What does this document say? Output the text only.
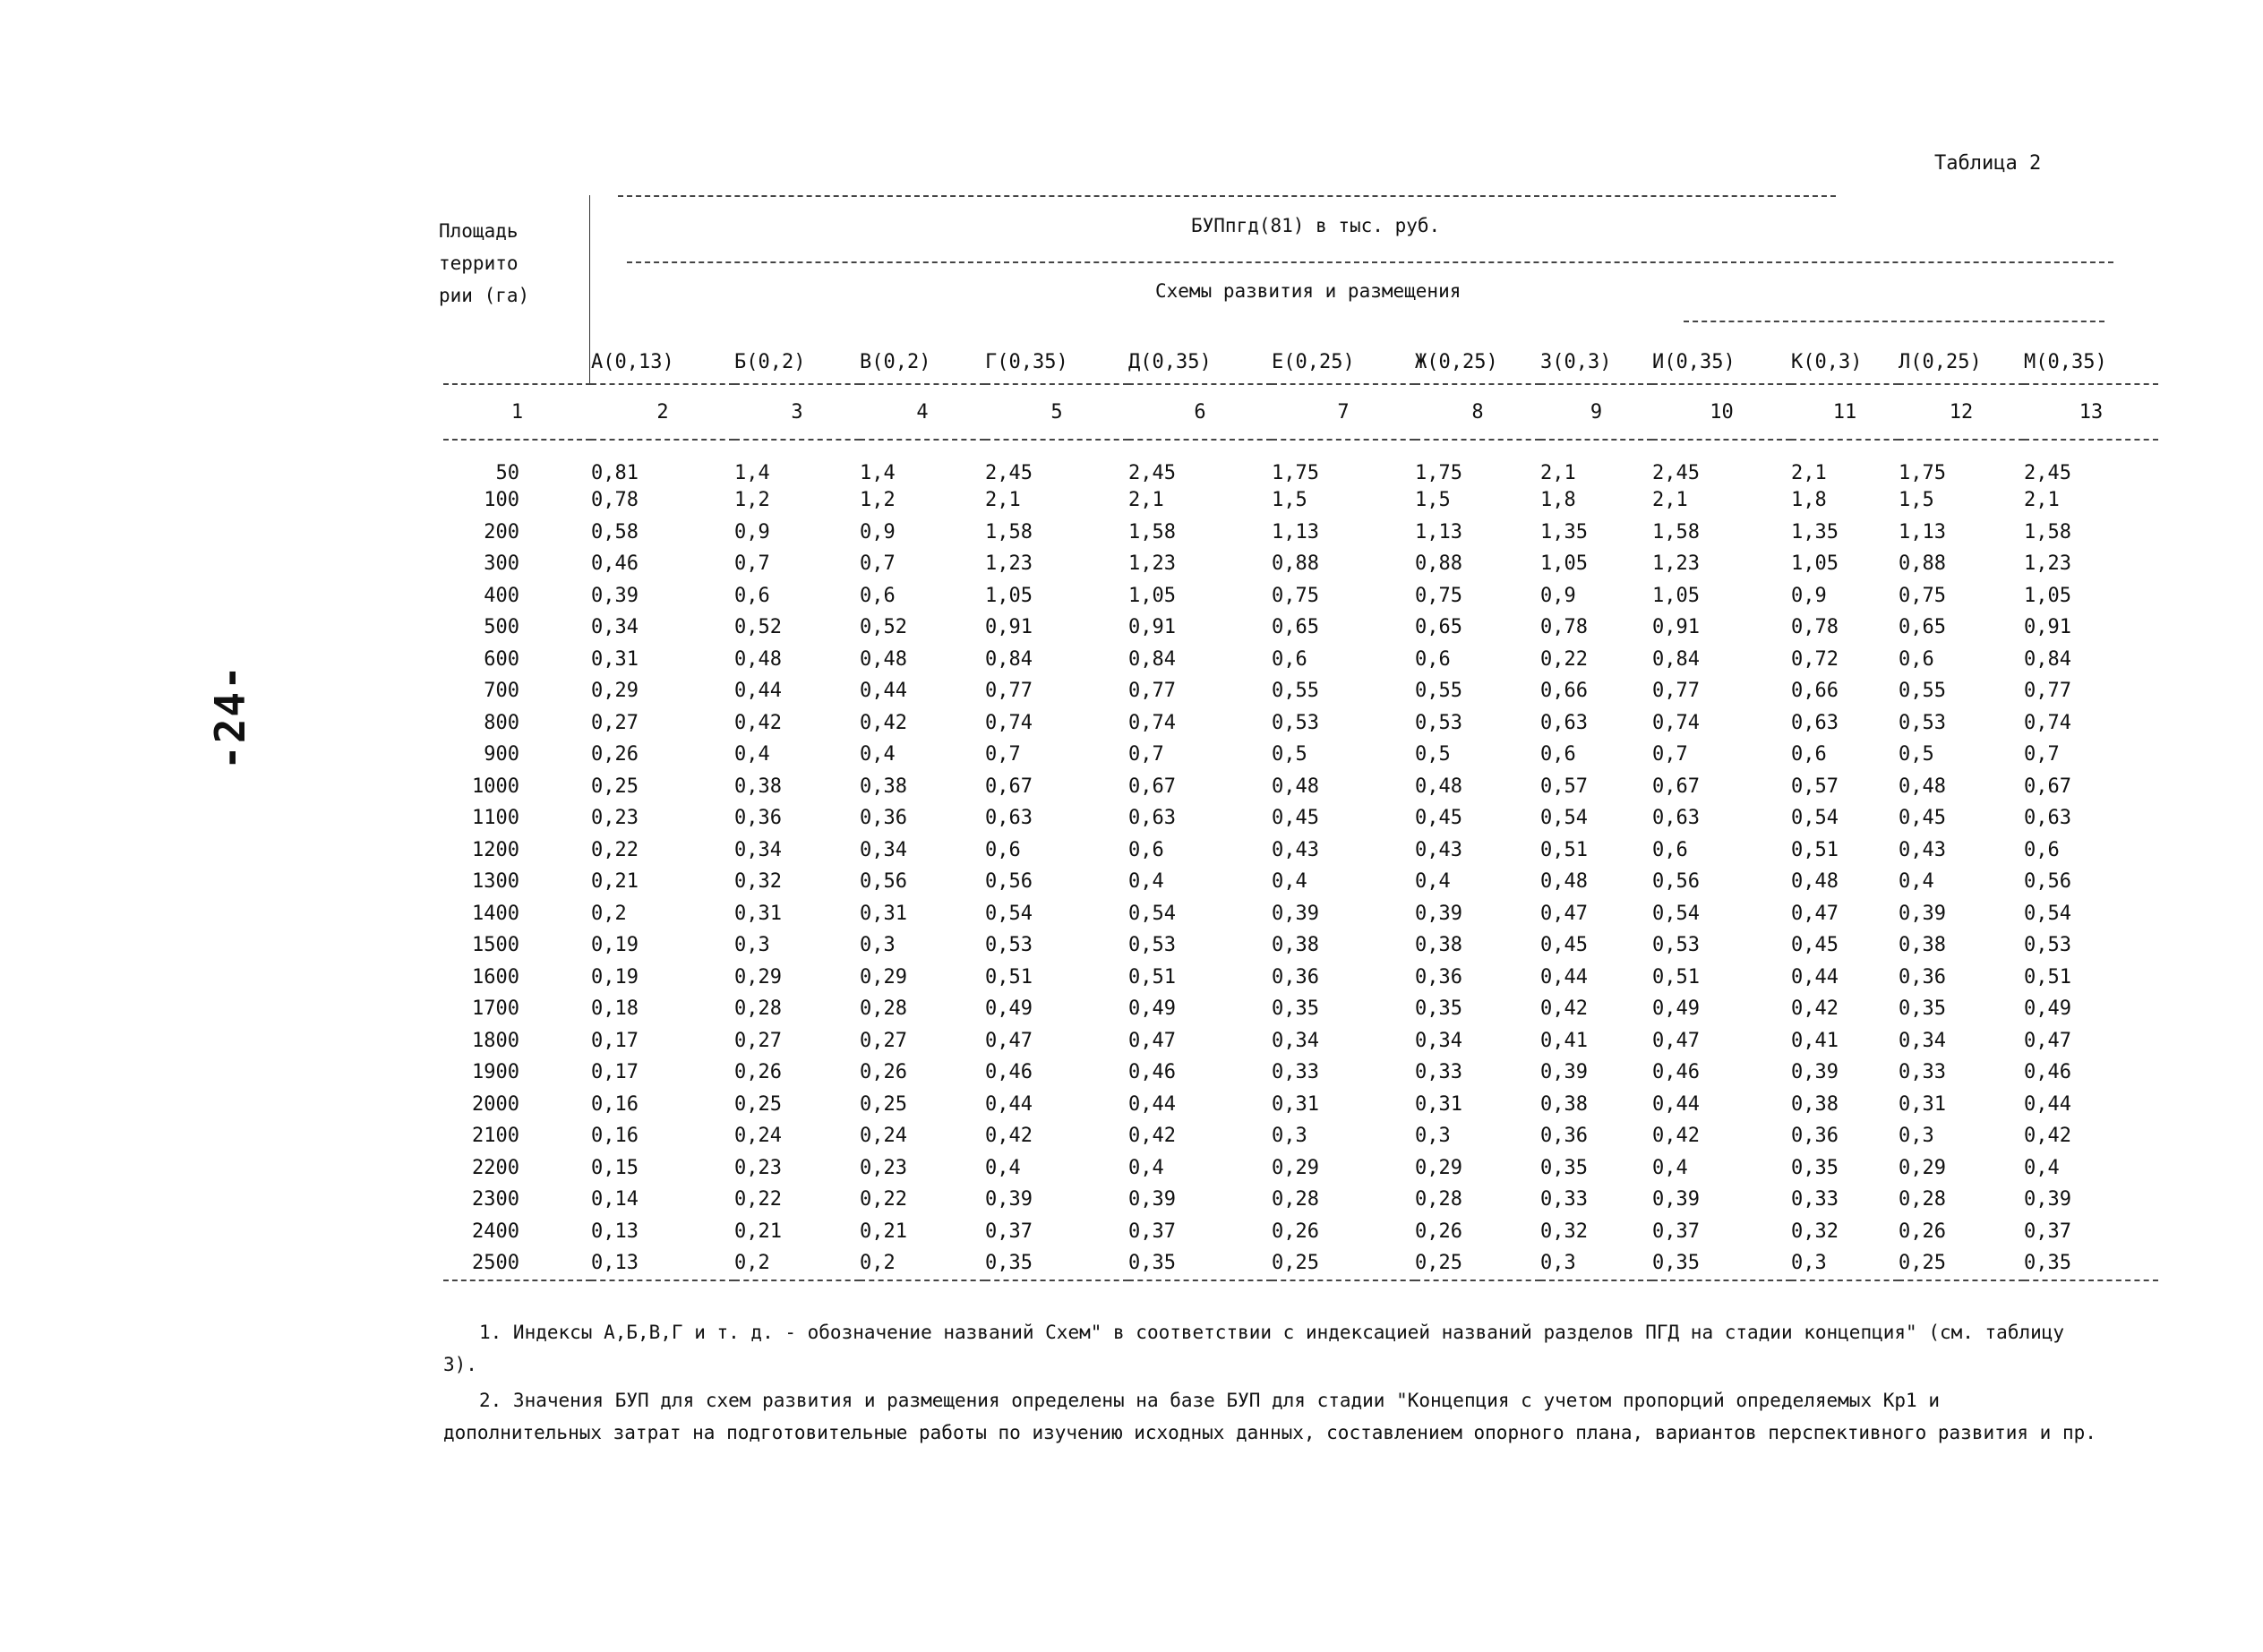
-24-
Таблица 2
Площадь
террито
рии (га)
БУПпгд(81) в тыс. руб.
Схемы развития и размещения
	А(0,13)	Б(0,2)	В(0,2)	Г(0,35)	Д(0,35)	Е(0,25)	Ж(0,25)	З(0,3)	И(0,35)	К(0,3)	Л(0,25)	М(0,35)
1	2	3	4	5	6	7	8	9	10	11	12	13
50	0,81	1,4	1,4	2,45	2,45	1,75	1,75	2,1	2,45	2,1	1,75	2,45
100	0,78	1,2	1,2	2,1	2,1	1,5	1,5	1,8	2,1	1,8	1,5	2,1
200	0,58	0,9	0,9	1,58	1,58	1,13	1,13	1,35	1,58	1,35	1,13	1,58
300	0,46	0,7	0,7	1,23	1,23	0,88	0,88	1,05	1,23	1,05	0,88	1,23
400	0,39	0,6	0,6	1,05	1,05	0,75	0,75	0,9	1,05	0,9	0,75	1,05
500	0,34	0,52	0,52	0,91	0,91	0,65	0,65	0,78	0,91	0,78	0,65	0,91
600	0,31	0,48	0,48	0,84	0,84	0,6	0,6	0,22	0,84	0,72	0,6	0,84
700	0,29	0,44	0,44	0,77	0,77	0,55	0,55	0,66	0,77	0,66	0,55	0,77
800	0,27	0,42	0,42	0,74	0,74	0,53	0,53	0,63	0,74	0,63	0,53	0,74
900	0,26	0,4	0,4	0,7	0,7	0,5	0,5	0,6	0,7	0,6	0,5	0,7
1000	0,25	0,38	0,38	0,67	0,67	0,48	0,48	0,57	0,67	0,57	0,48	0,67
1100	0,23	0,36	0,36	0,63	0,63	0,45	0,45	0,54	0,63	0,54	0,45	0,63
1200	0,22	0,34	0,34	0,6	0,6	0,43	0,43	0,51	0,6	0,51	0,43	0,6
1300	0,21	0,32	0,56	0,56	0,4	0,4	0,4	0,48	0,56	0,48	0,4	0,56
1400	0,2	0,31	0,31	0,54	0,54	0,39	0,39	0,47	0,54	0,47	0,39	0,54
1500	0,19	0,3	0,3	0,53	0,53	0,38	0,38	0,45	0,53	0,45	0,38	0,53
1600	0,19	0,29	0,29	0,51	0,51	0,36	0,36	0,44	0,51	0,44	0,36	0,51
1700	0,18	0,28	0,28	0,49	0,49	0,35	0,35	0,42	0,49	0,42	0,35	0,49
1800	0,17	0,27	0,27	0,47	0,47	0,34	0,34	0,41	0,47	0,41	0,34	0,47
1900	0,17	0,26	0,26	0,46	0,46	0,33	0,33	0,39	0,46	0,39	0,33	0,46
2000	0,16	0,25	0,25	0,44	0,44	0,31	0,31	0,38	0,44	0,38	0,31	0,44
2100	0,16	0,24	0,24	0,42	0,42	0,3	0,3	0,36	0,42	0,36	0,3	0,42
2200	0,15	0,23	0,23	0,4	0,4	0,29	0,29	0,35	0,4	0,35	0,29	0,4
2300	0,14	0,22	0,22	0,39	0,39	0,28	0,28	0,33	0,39	0,33	0,28	0,39
2400	0,13	0,21	0,21	0,37	0,37	0,26	0,26	0,32	0,37	0,32	0,26	0,37
2500	0,13	0,2	0,2	0,35	0,35	0,25	0,25	0,3	0,35	0,3	0,25	0,35

1. Индексы А,Б,В,Г и т. д. - обозначение названий Схем" в соответствии с индексацией названий разделов ПГД на стадии концепция" (см. таблицу 3).

2. Значения БУП для схем развития и размещения определены на базе БУП для стадии "Концепция с учетом пропорций определяемых Кр1 и дополнительных затрат на подготовительные работы по изучению исходных данных, составлением опорного плана, вариантов перспективного развития и пр.
